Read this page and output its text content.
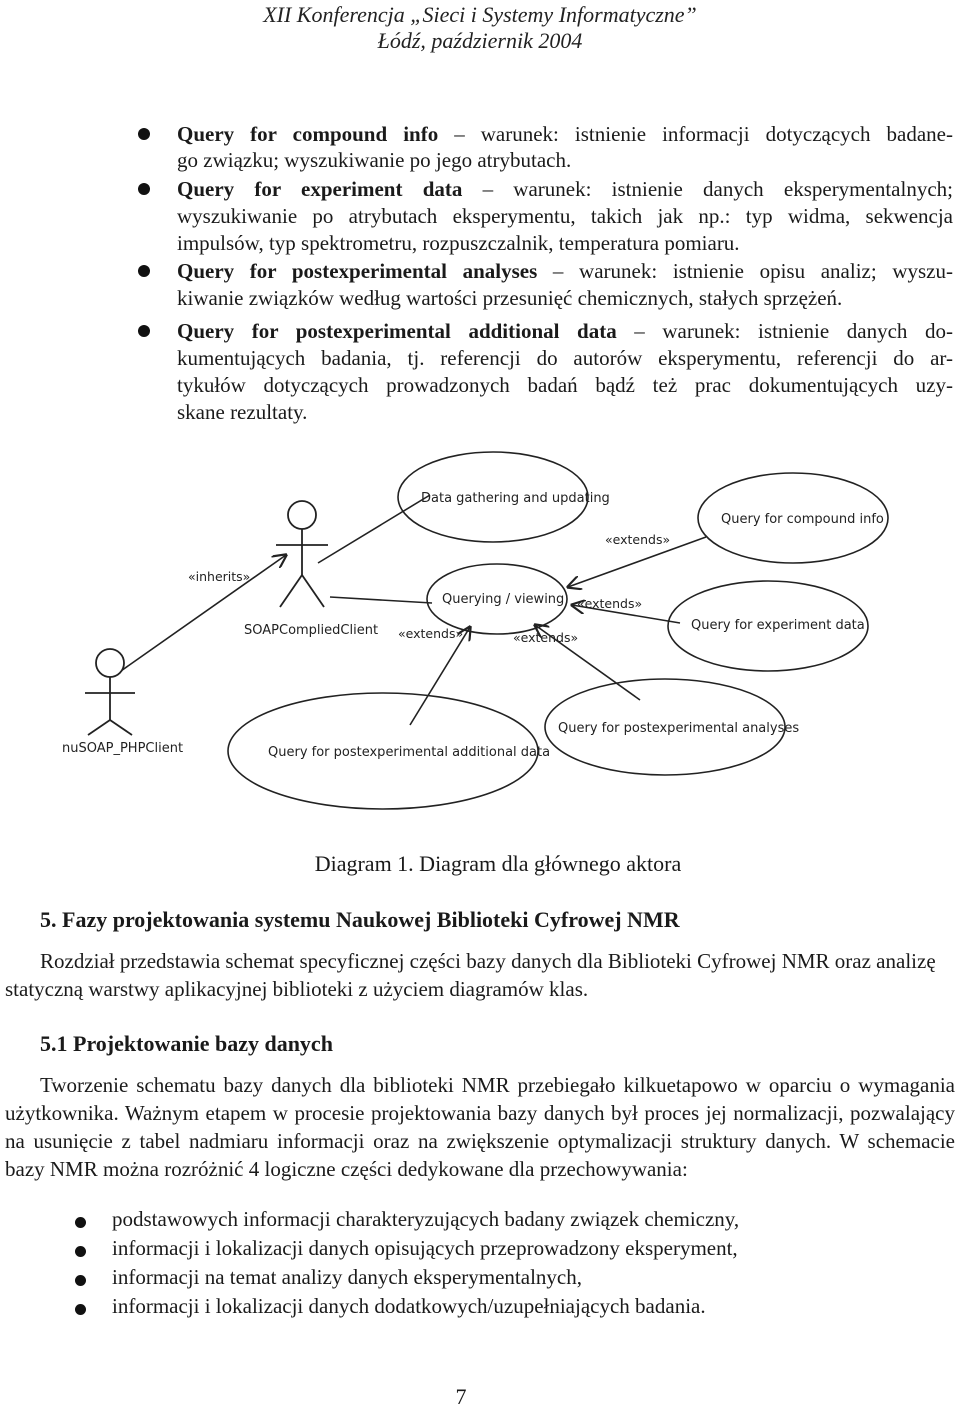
XII Konferencja „Sieci i Systemy Informatyczne”
Łódź, październik 2004
Query for compound info – warunek: istnienie informacji dotyczących badane-
go związku; wyszukiwanie po jego atrybutach.
Query for experiment data – warunek: istnienie danych eksperymentalnych;
wyszukiwanie po atrybutach eksperymentu, takich jak np.: typ widma, sekwencja
impulsów, typ spektrometru, rozpuszczalnik, temperatura pomiaru.
Query for postexperimental analyses – warunek: istnienie opisu analiz; wyszu-
kiwanie związków według wartości przesunięć chemicznych, stałych sprzężeń.
Query for postexperimental additional data – warunek: istnienie danych do-
kumentujących badania, tj. referencji do autorów eksperymentu, referencji do ar-
tykułów dotyczących prowadzonych badań bądź też prac dokumentujących uzy-
skane rezultaty.
Data gathering and updating
Query for compound info
Querying / viewing
Query for experiment data
Query for postexperimental analyses
Query for postexperimental additional data
«inherits»
«extends»
«extends»
«extends»
«extends»
SOAPCompliedClient
nuSOAP_PHPClient
Diagram 1. Diagram dla głównego aktora
5. Fazy projektowania systemu Naukowej Biblioteki Cyfrowej NMR
Rozdział przedstawia schemat specyficznej części bazy danych dla Biblioteki Cyfrowej NMR oraz analizę statyczną warstwy aplikacyjnej biblioteki z użyciem diagramów klas.
5.1 Projektowanie bazy danych
Tworzenie schematu bazy danych dla biblioteki NMR przebiegało kilkuetapowo w oparciu o wymagania użytkownika. Ważnym etapem w procesie projektowania bazy danych był proces jej normalizacji, pozwalający na usunięcie z tabel nadmiaru informacji oraz na zwiększenie optymalizacji struktury danych. W schemacie bazy NMR można rozróżnić 4 logiczne części dedykowane dla przechowywania:
podstawowych informacji charakteryzujących badany związek chemiczny,
informacji i lokalizacji danych opisujących przeprowadzony eksperyment,
informacji na temat analizy danych eksperymentalnych,
informacji i lokalizacji danych dodatkowych/uzupełniających badania.
7
